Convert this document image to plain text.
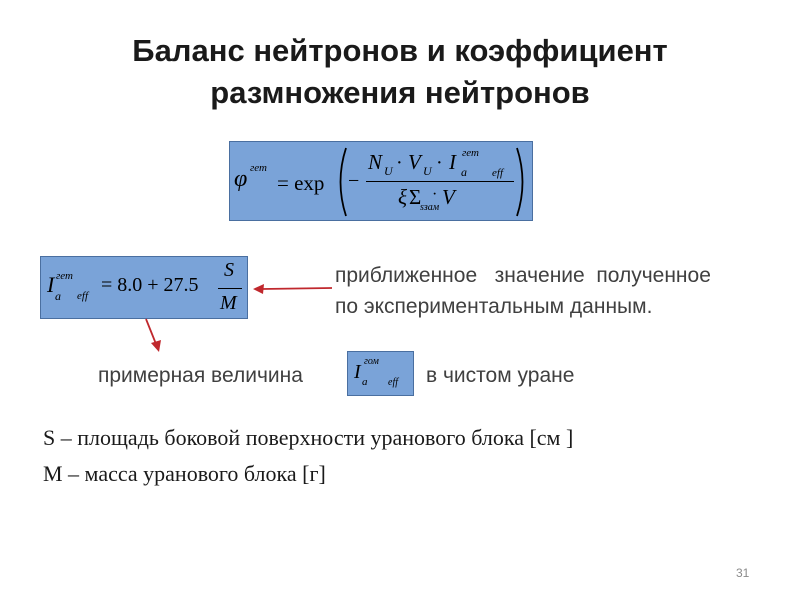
Баланс нейтронов и коэффициент
размножения нейтронов
φ гет
= exp −
N U · V U · I гет
a eff
ξ Σ
sзам
· V
I гет
a eff = 8.0 + 27.5
S
M
приближенное   значение  полученное
по экспериментальным данным.
примерная величина	I гом
a eff в чистом уране
S – площадь боковой поверхности уранового блока [см ]
М – масса уранового блока [г]
31
